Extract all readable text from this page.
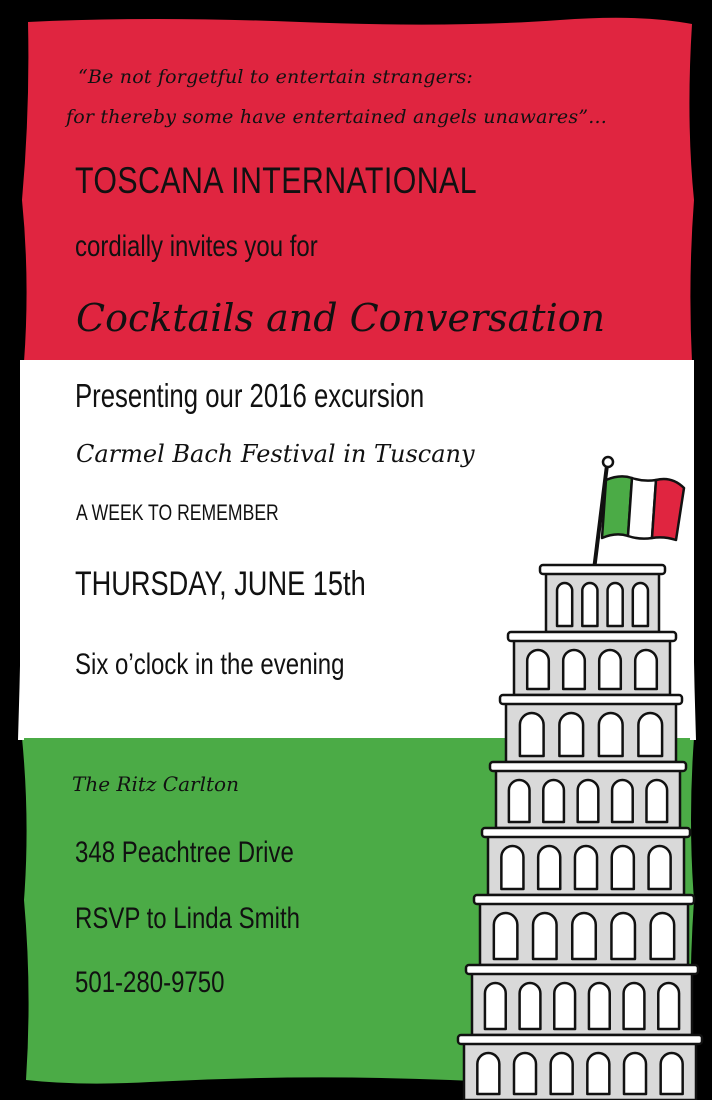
“Be not forgetful to entertain strangers:
for thereby some have entertained angels unawares”...
TOSCANA INTERNATIONAL
cordially invites you for
Cocktails and Conversation
Presenting our 2016 excursion
Carmel Bach Festival in Tuscany
A WEEK TO REMEMBER
THURSDAY, JUNE 15th
Six o’clock in the evening
The Ritz Carlton
348 Peachtree Drive
RSVP to Linda Smith
501-280-9750
